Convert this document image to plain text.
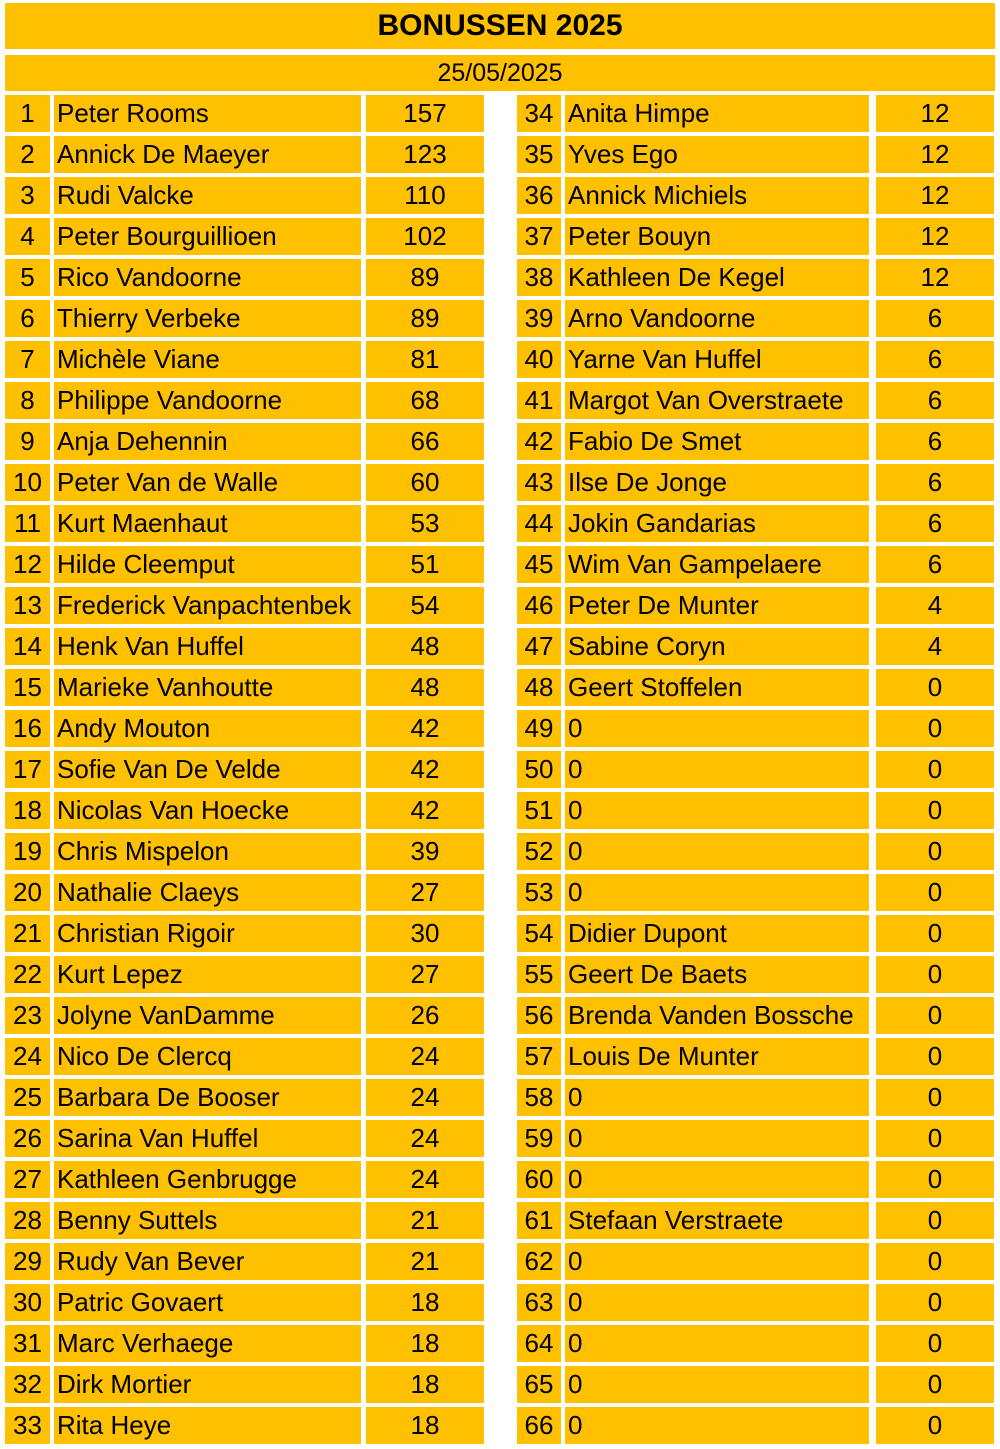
BONUSSEN 2025
25/05/2025
1 Peter Rooms	157
2 Annick De Maeyer	123
3 Rudi Valcke	110
4 Peter Bourguillioen	102
5 Rico Vandoorne	89
6 Thierry Verbeke	89
7 Michèle Viane	81
8 Philippe Vandoorne	68
9 Anja Dehennin	66
10 Peter Van de Walle	60
11 Kurt Maenhaut	53
12 Hilde Cleemput	51
13 Frederick Vanpachtenbek	54
14 Henk Van Huffel	48
15 Marieke Vanhoutte	48
16 Andy Mouton	42
17 Sofie Van De Velde	42
18 Nicolas Van Hoecke	42
19 Chris Mispelon	39
20 Nathalie Claeys	27
21 Christian Rigoir	30
22 Kurt Lepez	27
23 Jolyne VanDamme	26
24 Nico De Clercq	24
25 Barbara De Booser	24
26 Sarina Van Huffel	24
27 Kathleen Genbrugge	24
28 Benny Suttels	21
29 Rudy Van Bever	21
30 Patric Govaert	18
31 Marc Verhaege	18
32 Dirk Mortier	18
33 Rita Heye	18
34 Anita Himpe	12
35 Yves Ego	12
36 Annick Michiels	12
37 Peter Bouyn	12
38 Kathleen De Kegel	12
39 Arno Vandoorne	6
40 Yarne Van Huffel	6
41 Margot Van Overstraete	6
42 Fabio De Smet	6
43 Ilse De Jonge	6
44 Jokin Gandarias	6
45 Wim Van Gampelaere	6
46 Peter De Munter	4
47 Sabine Coryn	4
48 Geert Stoffelen	0
49 0	0
50 0	0
51 0	0
52 0	0
53 0	0
54 Didier Dupont	0
55 Geert De Baets	0
56 Brenda Vanden Bossche	0
57 Louis De Munter	0
58 0	0
59 0	0
60 0	0
61 Stefaan Verstraete	0
62 0	0
63 0	0
64 0	0
65 0	0
66 0	0
